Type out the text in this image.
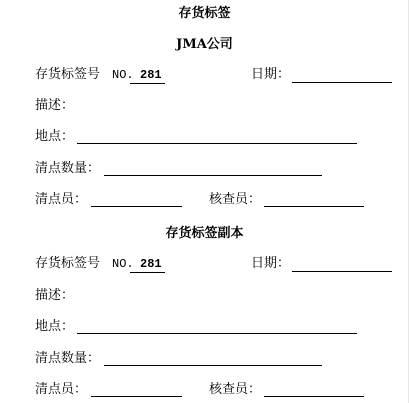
存货标签
JMA公司
存货标签号 NO. 281	日期：
描述：
地点：
清点数量：
清点员：	核查员：
存货标签副本
存货标签号 NO. 281	日期：
描述：
地点：
清点数量：
清点员：	核查员：
